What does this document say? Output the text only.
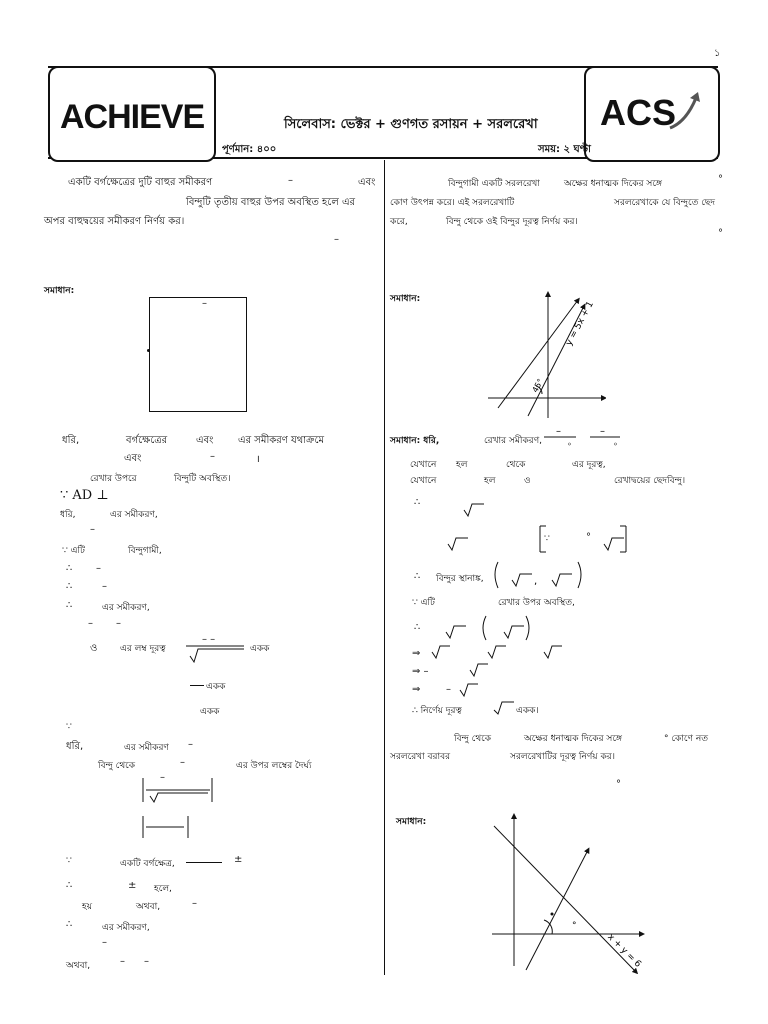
১
ACHIEVE	ACS
সিলেবাস: ভেক্টর + গুণগত রসায়ন + সরলরেখা
পূর্ণমান: ৪০০	সময়: ২ ঘণ্টা
একটি বর্গক্ষেত্রের দুটি বাহুর সমীকরণ	–	এবং
বিন্দুটি তৃতীয় বাহুর উপর অবস্থিত হলে এর
অপর বাহুদ্বয়ের সমীকরণ নির্ণয় কর।
–
সমাধান:
–
ধরি,	বর্গক্ষেত্রের	এবং এর সমীকরণ যথাক্রমে
এবং	–	।
রেখার উপরে	বিন্দুটি অবস্থিত।
∵ AD ⊥
ধরি,	এর সমীকরণ,
–
∵ এটি	বিন্দুগামী,
∴ –
∴	–
∴	এর সমীকরণ,
– –
ও	এর লম্ব দূরত্ব
– –
একক
একক
একক
∵
ধরি,	এর সমীকরণ –
বিন্দু থেকে	–	এর উপর লম্বের দৈর্ঘ্য
–
∵	একটি বর্গক্ষেত্র,	±
∴	± হলে,
হয়	অথবা,	–
∴	এর সমীকরণ,
–
অথবা,	– –
বিন্দুগামী একটি সরলরেখা	অক্ষের ধনাত্মক দিকের সঙ্গে	°
কোণ উৎপন্ন করে। এই সরলরেখাটি	সরলরেখাকে যে বিন্দুতে ছেদ
করে,	বিন্দু থেকে ওই বিন্দুর দূরত্ব নির্ণয় কর।
°
সমাধান:
y = 5x + 1
45°
সমাধান: ধরি,	রেখার সমীকরণ,
–
৹
–
৹
যেখানে হল	থেকে	এর দূরত্ব,
যেখানে	হল	ও	রেখাদ্বয়ের ছেদবিন্দু।
∴
∵	°
∴ বিন্দুর স্থানাঙ্ক,	,
∵ এটি	রেখার উপর অবস্থিত,
∴
⇒
⇒ –
⇒	–
∴ নির্ণেয় দূরত্ব	একক।
বিন্দু থেকে	অক্ষের ধনাত্মক দিকের সঙ্গে	° কোণে নত
সরলরেখা বরাবর	সরলরেখাটির দূরত্ব নির্ণয় কর।
°
সমাধান:
°
x + y = 6
